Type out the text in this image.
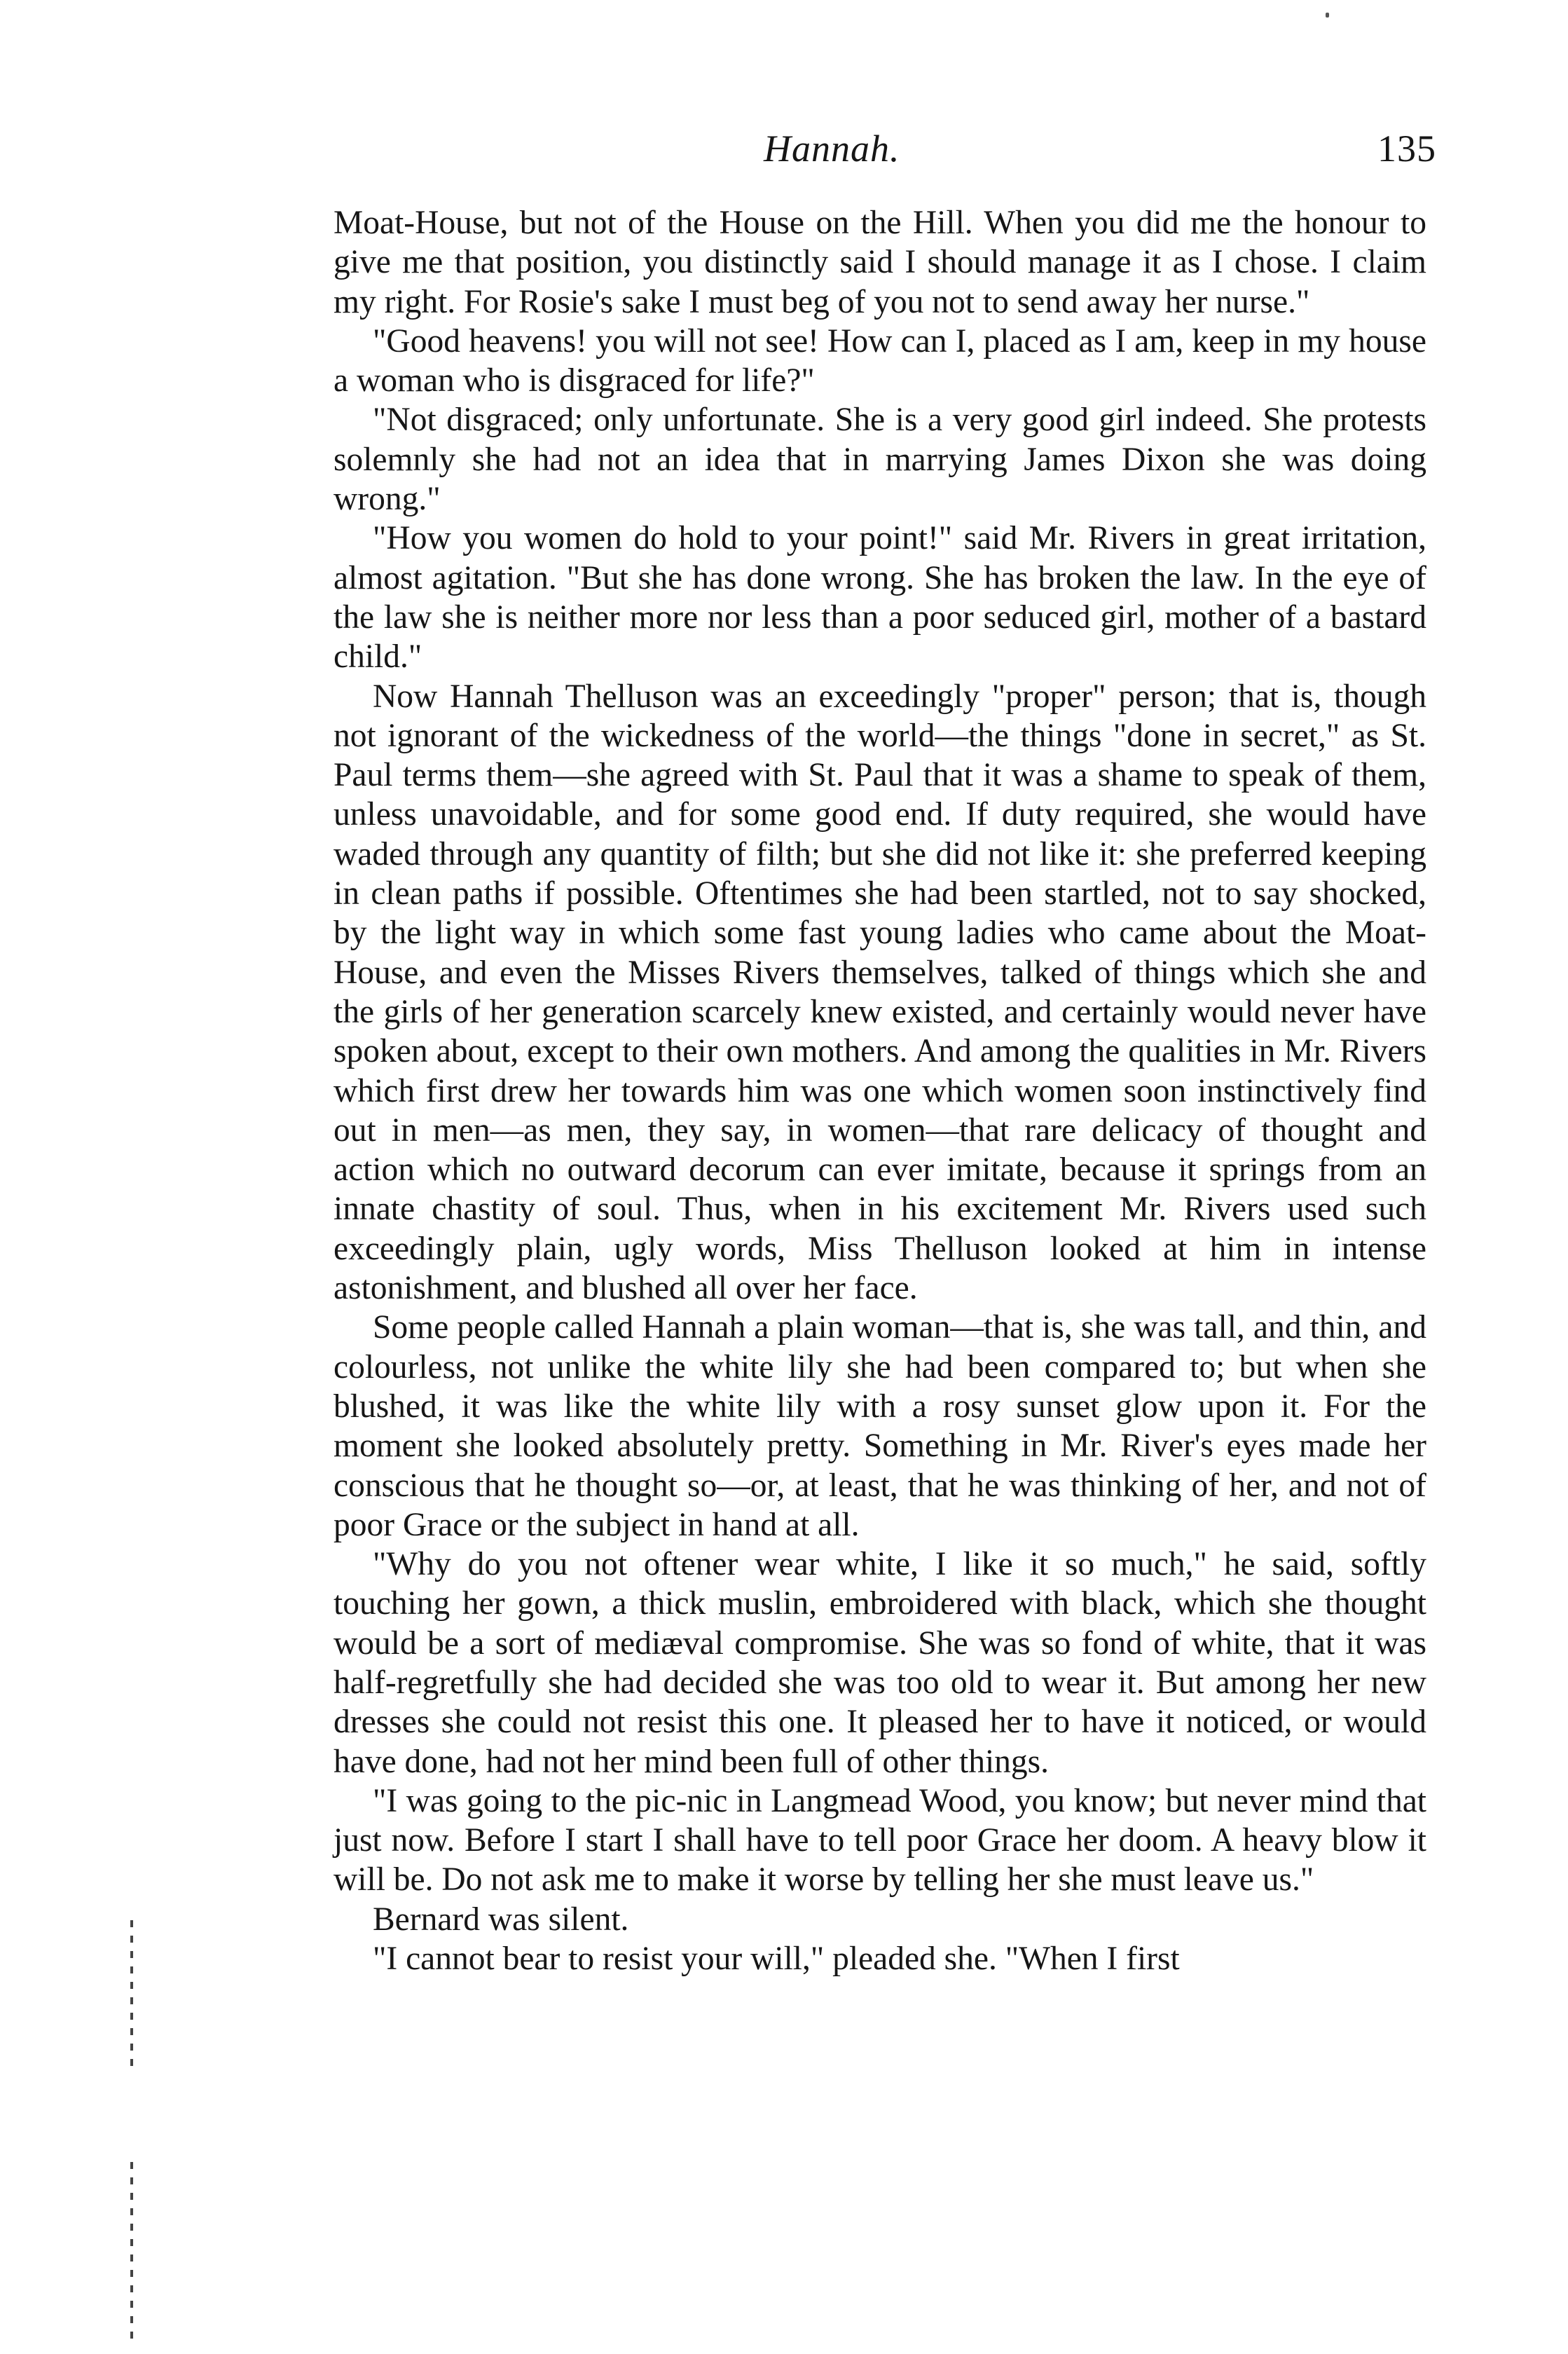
Hannah.	135

Moat-House, but not of the House on the Hill. When you did me the honour to give me that position, you distinctly said I should manage it as I chose. I claim my right. For Rosie's sake I must beg of you not to send away her nurse."

"Good heavens! you will not see! How can I, placed as I am, keep in my house a woman who is disgraced for life?"

"Not disgraced; only unfortunate. She is a very good girl indeed. She protests solemnly she had not an idea that in marrying James Dixon she was doing wrong."

"How you women do hold to your point!" said Mr. Rivers in great irritation, almost agitation. "But she has done wrong. She has broken the law. In the eye of the law she is neither more nor less than a poor seduced girl, mother of a bastard child."

Now Hannah Thelluson was an exceedingly "proper" person; that is, though not ignorant of the wickedness of the world—the things "done in secret," as St. Paul terms them—she agreed with St. Paul that it was a shame to speak of them, unless unavoidable, and for some good end. If duty required, she would have waded through any quantity of filth; but she did not like it: she preferred keeping in clean paths if possible. Oftentimes she had been startled, not to say shocked, by the light way in which some fast young ladies who came about the Moat-House, and even the Misses Rivers themselves, talked of things which she and the girls of her generation scarcely knew existed, and certainly would never have spoken about, except to their own mothers. And among the qualities in Mr. Rivers which first drew her towards him was one which women soon instinctively find out in men—as men, they say, in women—that rare delicacy of thought and action which no outward decorum can ever imitate, because it springs from an innate chastity of soul. Thus, when in his excitement Mr. Rivers used such exceedingly plain, ugly words, Miss Thelluson looked at him in intense astonishment, and blushed all over her face.

Some people called Hannah a plain woman—that is, she was tall, and thin, and colourless, not unlike the white lily she had been compared to; but when she blushed, it was like the white lily with a rosy sunset glow upon it. For the moment she looked absolutely pretty. Something in Mr. River's eyes made her conscious that he thought so—or, at least, that he was thinking of her, and not of poor Grace or the subject in hand at all.

"Why do you not oftener wear white, I like it so much," he said, softly touching her gown, a thick muslin, embroidered with black, which she thought would be a sort of mediæval compromise. She was so fond of white, that it was half-regretfully she had decided she was too old to wear it. But among her new dresses she could not resist this one. It pleased her to have it noticed, or would have done, had not her mind been full of other things.

"I was going to the pic-nic in Langmead Wood, you know; but never mind that just now. Before I start I shall have to tell poor Grace her doom. A heavy blow it will be. Do not ask me to make it worse by telling her she must leave us."

Bernard was silent.

"I cannot bear to resist your will," pleaded she. "When I first
